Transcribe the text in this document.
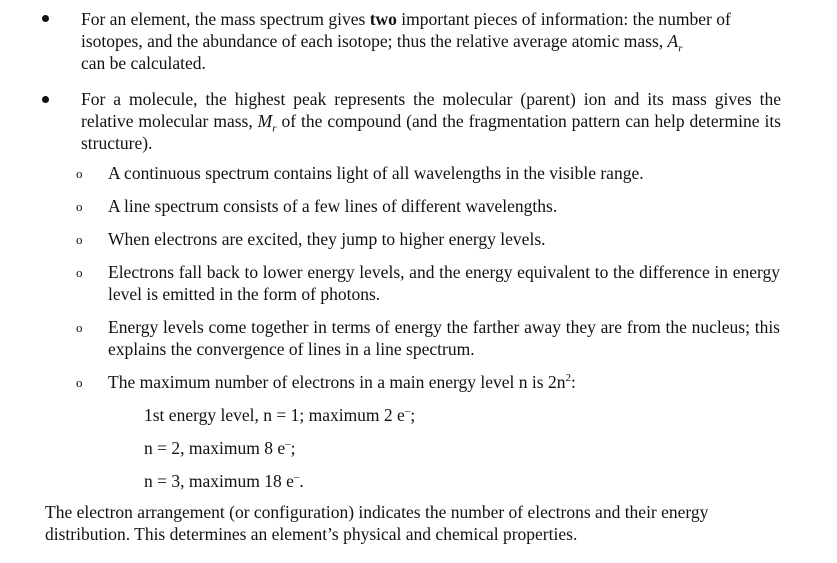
For an element, the mass spectrum gives two important pieces of information: the number of isotopes, and the abundance of each isotope; thus the relative average atomic mass, $A_r$
can be calculated.
For a molecule, the highest peak represents the molecular (parent) ion and its mass gives the relative molecular mass, $M_r$ of the compound (and the fragmentation pattern can help determine its structure).
o A continuous spectrum contains light of all wavelengths in the visible range.
o A line spectrum consists of a few lines of different wavelengths.
o When electrons are excited, they jump to higher energy levels.
o Electrons fall back to lower energy levels, and the energy equivalent to the difference in energy level is emitted in the form of photons.
o Energy levels come together in terms of energy the farther away they are from the nucleus; this explains the convergence of lines in a line spectrum.
o The maximum number of electrons in a main energy level n is $2n^2$:
1st energy level, n = 1; maximum 2 e–;
n = 2, maximum 8 e–;
n = 3, maximum 18 e–.
The electron arrangement (or configuration) indicates the number of electrons and their energy distribution. This determines an element’s physical and chemical properties.
